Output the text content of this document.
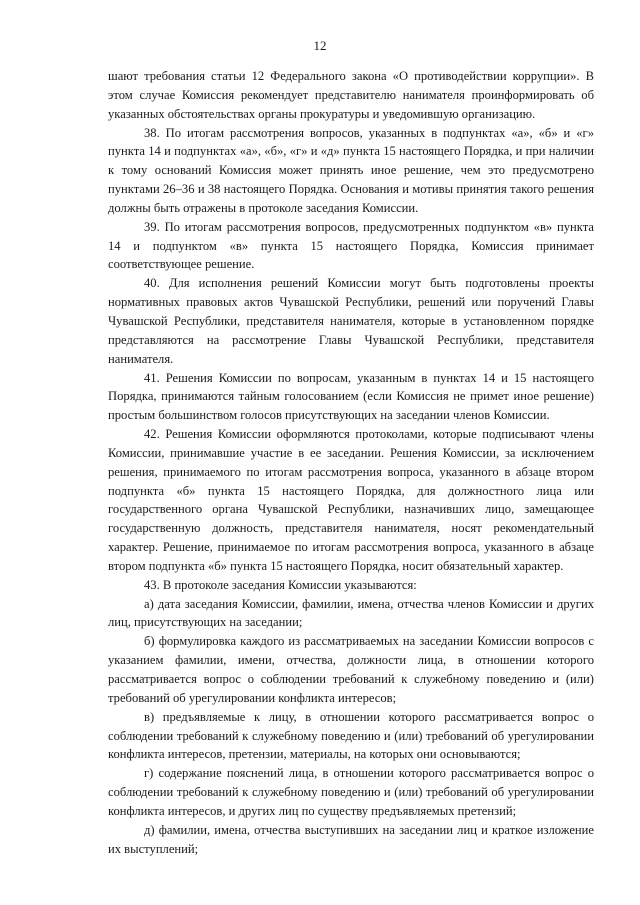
12

шают требования статьи 12 Федерального закона «О противодействии коррупции». В этом случае Комиссия рекомендует представителю нанимателя проинформировать об указанных обстоятельствах органы прокуратуры и уведомившую организацию.

38. По итогам рассмотрения вопросов, указанных в подпунктах «а», «б» и «г» пункта 14 и подпунктах «а», «б», «г» и «д» пункта 15 настоящего Порядка, и при наличии к тому оснований Комиссия может принять иное решение, чем это предусмотрено пунктами 26–36 и 38 настоящего Порядка. Основания и мотивы принятия такого решения должны быть отражены в протоколе заседания Комиссии.

39. По итогам рассмотрения вопросов, предусмотренных подпунктом «в» пункта 14 и подпунктом «в» пункта 15 настоящего Порядка, Комиссия принимает соответствующее решение.

40. Для исполнения решений Комиссии могут быть подготовлены проекты нормативных правовых актов Чувашской Республики, решений или поручений Главы Чувашской Республики, представителя нанимателя, которые в установленном порядке представляются на рассмотрение Главы Чувашской Республики, представителя нанимателя.

41. Решения Комиссии по вопросам, указанным в пунктах 14 и 15 настоящего Порядка, принимаются тайным голосованием (если Комиссия не примет иное решение) простым большинством голосов присутствующих на заседании членов Комиссии.

42. Решения Комиссии оформляются протоколами, которые подписывают члены Комиссии, принимавшие участие в ее заседании. Решения Комиссии, за исключением решения, принимаемого по итогам рассмотрения вопроса, указанного в абзаце втором подпункта «б» пункта 15 настоящего Порядка, для должностного лица или государственного органа Чувашской Республики, назначивших лицо, замещающее государственную должность, представителя нанимателя, носят рекомендательный характер. Решение, принимаемое по итогам рассмотрения вопроса, указанного в абзаце втором подпункта «б» пункта 15 настоящего Порядка, носит обязательный характер.

43. В протоколе заседания Комиссии указываются:

а) дата заседания Комиссии, фамилии, имена, отчества членов Комиссии и других лиц, присутствующих на заседании;

б) формулировка каждого из рассматриваемых на заседании Комиссии вопросов с указанием фамилии, имени, отчества, должности лица, в отношении которого рассматривается вопрос о соблюдении требований к служебному поведению и (или) требований об урегулировании конфликта интересов;

в) предъявляемые к лицу, в отношении которого рассматривается вопрос о соблюдении требований к служебному поведению и (или) требований об урегулировании конфликта интересов, претензии, материалы, на которых они основываются;

г) содержание пояснений лица, в отношении которого рассматривается вопрос о соблюдении требований к служебному поведению и (или) требований об урегулировании конфликта интересов, и других лиц по существу предъявляемых претензий;

д) фамилии, имена, отчества выступивших на заседании лиц и краткое изложение их выступлений;
